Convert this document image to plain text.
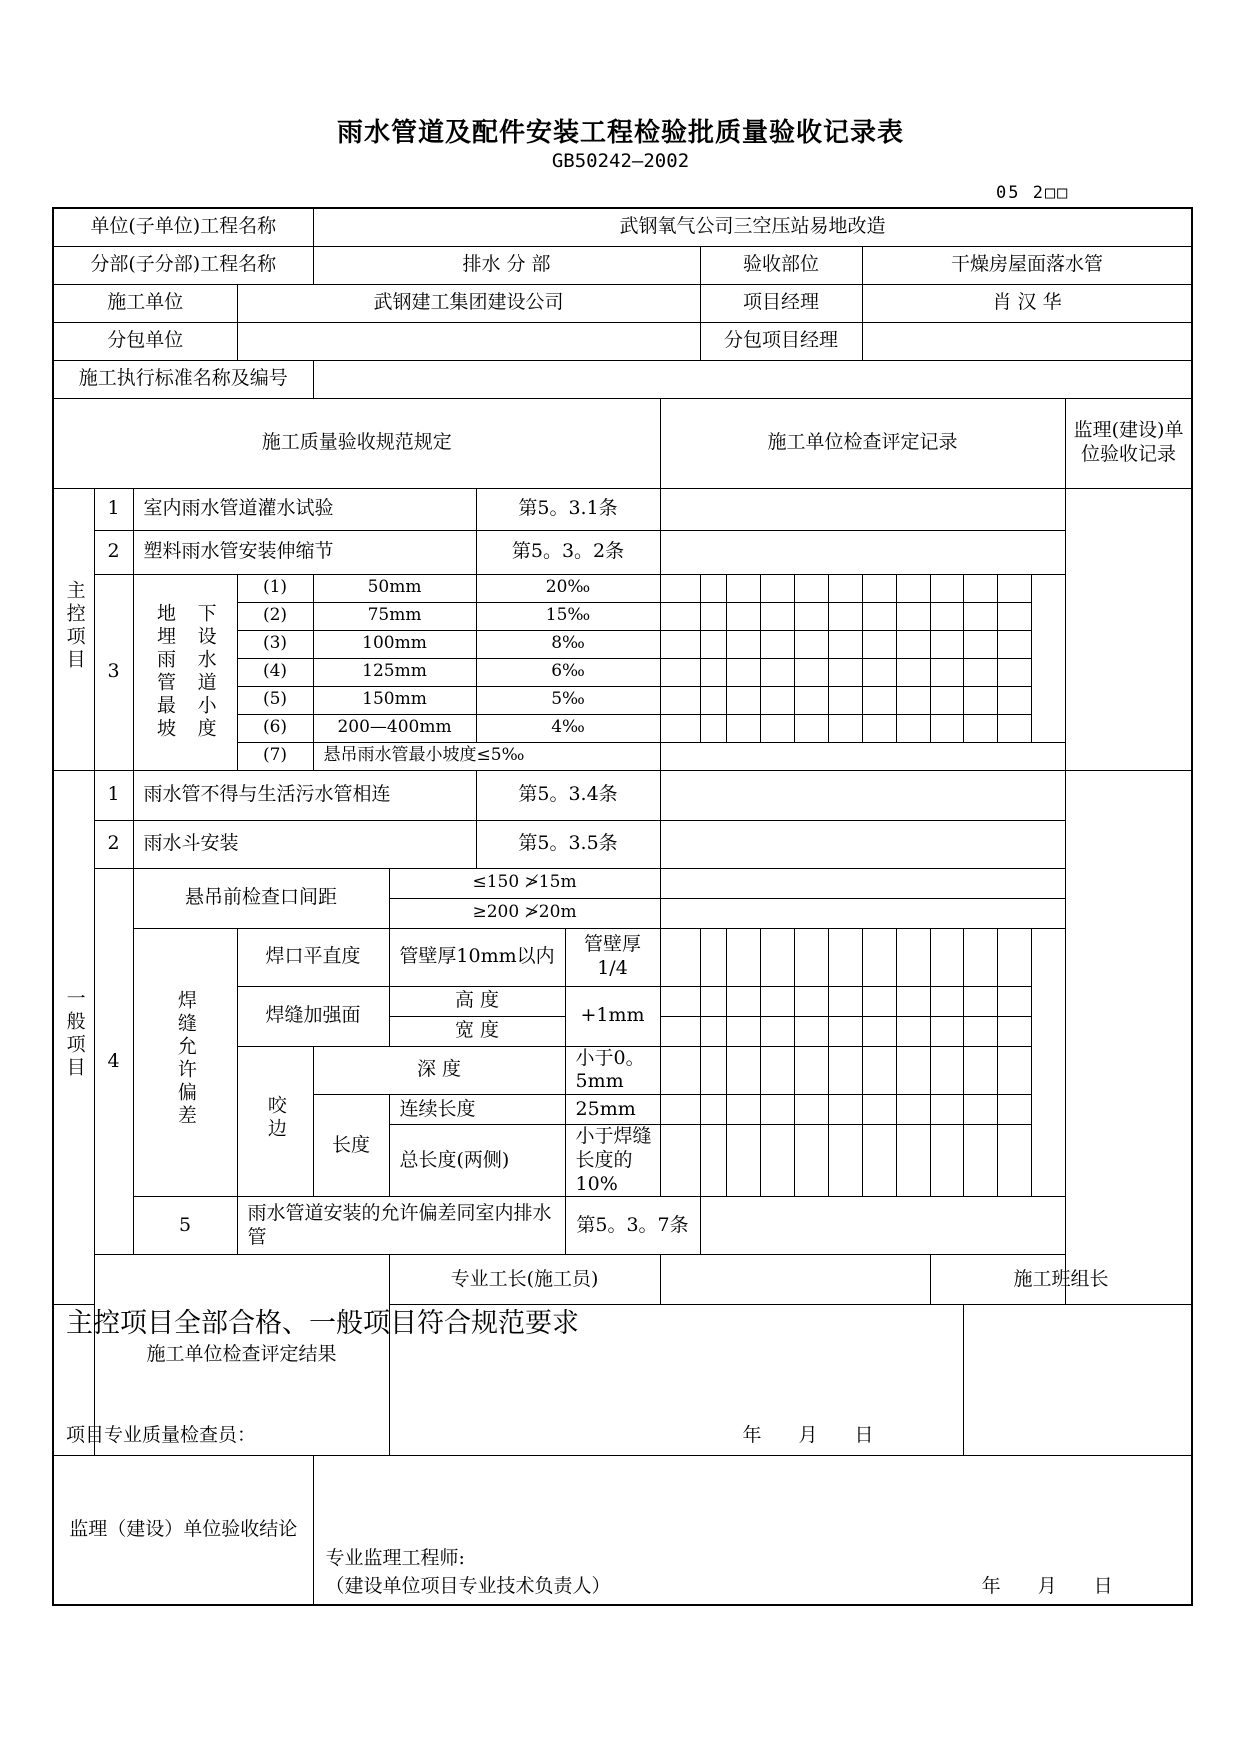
雨水管道及配件安装工程检验批质量验收记录表
GB50242—2002
05 2□□
单位(子单位)工程名称				武钢氧气公司三空压站易地改造																
分部(子分部)工程名称				排水 分 部					验收部位					干燥房屋面落水管						
施工单位			武钢建工集团建设公司						项目经理					肖 汉 华						
分包单位									分包项目经理											
施工执行标准名称及编号																				
施工质量验收规范规定								施工单位检查评定记录											监理(建设)单位验收记录	
主控项目	1	室内雨水管道灌水试验				第5。3.1条														
	2	塑料雨水管安装伸缩节				第5。3。2条														
	3	地埋雨管最坡 下设水道小度	(1)	50mm		20‰														
			(2)	75mm		15‰														
			(3)	100mm		8‰														
			(4)	125mm		6‰														
			(5)	150mm		5‰														
			(6)	200—400mm		4‰														
			(7)	悬吊雨水管最小坡度≤5‰																
一般项目	1	雨水管不得与生活污水管相连				第5。3.4条														
	2	雨水斗安装				第5。3.5条														
	4	悬吊前检查口间距			≤150 ≯15m															
					≥200 ≯20m															
		焊缝允许偏差	焊口平直度		管壁厚10mm以内		管壁厚1/4													
			焊缝加强面		高 度		+1mm													
					宽 度															
			咬边	深 度			小于0。5mm													
				长度	连续长度		25mm													
					总长度(两侧)		小于焊缝长度的10%													
		5	雨水管道安装的允许偏差同室内排水管				第5。3。7条													
	施工单位检查评定结果				专业工长(施工员)											施工班组长				

主控项目全部合格、一般项目符合规范要求
项目专业质量检查员： 年 月 日																				

监理（建设）单位验收结论				专业监理工程师:
（建设单位项目专业技术负责人） 年 月 日																
